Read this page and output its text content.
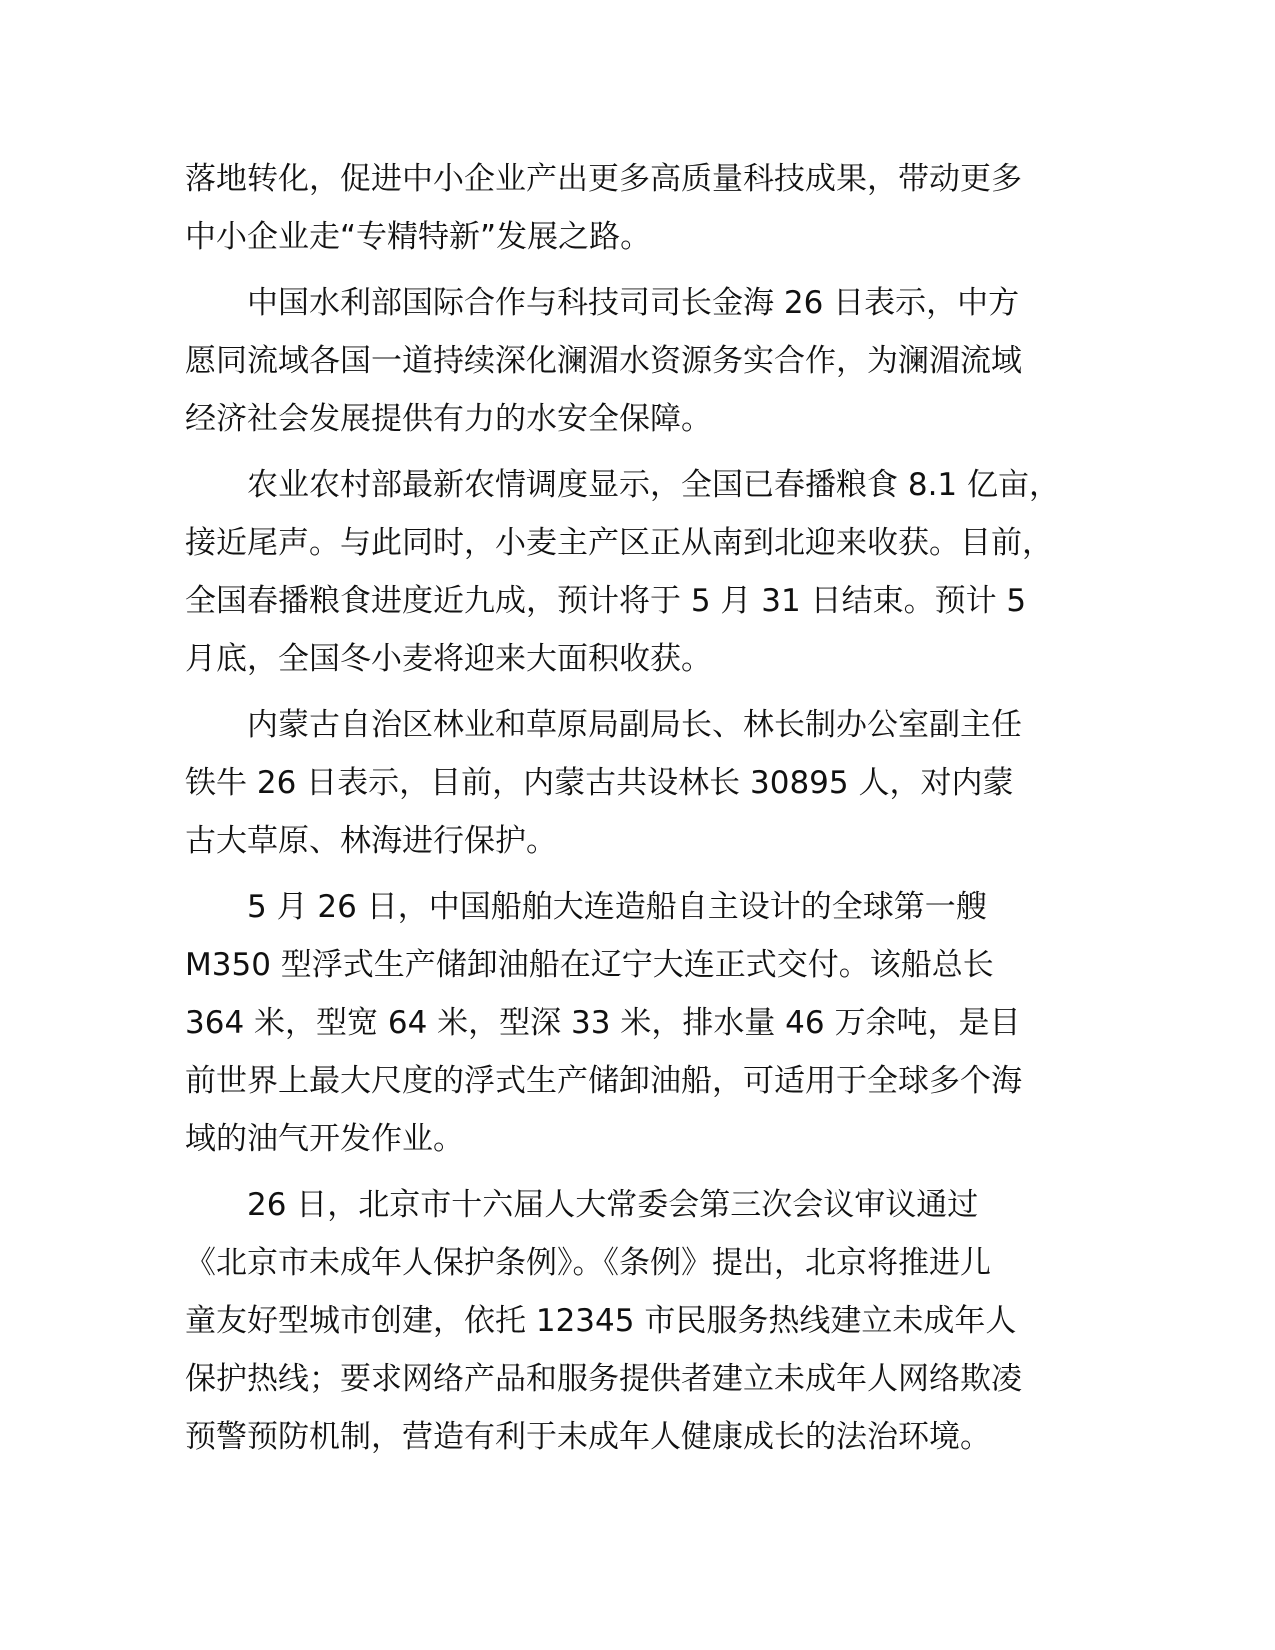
落地转化，促进中小企业产出更多高质量科技成果，带动更多
中小企业走“专精特新”发展之路。

中国水利部国际合作与科技司司长金海 26 日表示，中方
愿同流域各国一道持续深化澜湄水资源务实合作，为澜湄流域
经济社会发展提供有力的水安全保障。

农业农村部最新农情调度显示，全国已春播粮食 8.1 亿亩，
接近尾声。与此同时，小麦主产区正从南到北迎来收获。目前，
全国春播粮食进度近九成，预计将于 5 月 31 日结束。预计 5
月底，全国冬小麦将迎来大面积收获。

内蒙古自治区林业和草原局副局长、林长制办公室副主任
铁牛 26 日表示，目前，内蒙古共设林长 30895 人，对内蒙
古大草原、林海进行保护。

5 月 26 日，中国船舶大连造船自主设计的全球第一艘
M350 型浮式生产储卸油船在辽宁大连正式交付。该船总长
364 米，型宽 64 米，型深 33 米，排水量 46 万余吨，是目
前世界上最大尺度的浮式生产储卸油船，可适用于全球多个海
域的油气开发作业。

26 日，北京市十六届人大常委会第三次会议审议通过
《北京市未成年人保护条例》。《条例》提出，北京将推进儿
童友好型城市创建，依托 12345 市民服务热线建立未成年人
保护热线；要求网络产品和服务提供者建立未成年人网络欺凌
预警预防机制，营造有利于未成年人健康成长的法治环境。
